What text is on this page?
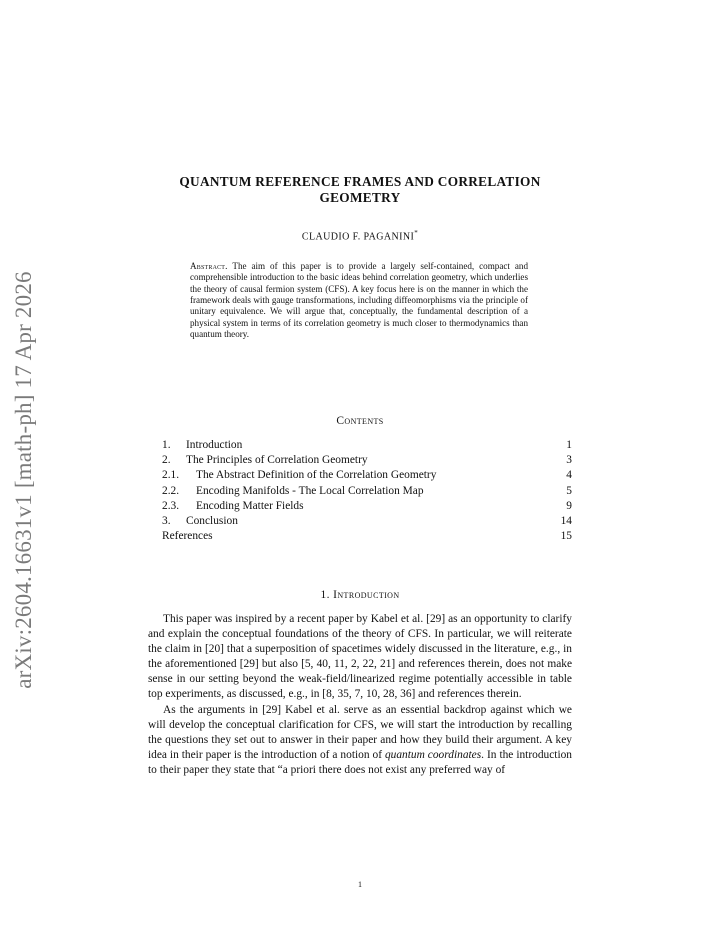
arXiv:2604.16631v1 [math-ph] 17 Apr 2026
QUANTUM REFERENCE FRAMES AND CORRELATION
GEOMETRY
CLAUDIO F. PAGANINI*
Abstract. The aim of this paper is to provide a largely self-contained, compact and comprehensible introduction to the basic ideas behind correlation geometry, which underlies the theory of causal fermion system (CFS). A key focus here is on the manner in which the framework deals with gauge transformations, including diffeomorphisms via the principle of unitary equivalence. We will argue that, conceptually, the fundamental description of a physical system in terms of its correlation geometry is much closer to thermodynamics than quantum theory.
Contents
1. Introduction	1
2. The Principles of Correlation Geometry	3
2.1. The Abstract Definition of the Correlation Geometry	4
2.2. Encoding Manifolds - The Local Correlation Map	5
2.3. Encoding Matter Fields	9
3. Conclusion	14
References	15
1. Introduction

This paper was inspired by a recent paper by Kabel et al. [29] as an opportunity to clarify and explain the conceptual foundations of the theory of CFS. In particular, we will reiterate the claim in [20] that a superposition of spacetimes widely discussed in the literature, e.g., in the aforementioned [29] but also [5, 40, 11, 2, 22, 21] and references therein, does not make sense in our setting beyond the weak-field/linearized regime potentially accessible in table top experiments, as discussed, e.g., in [8, 35, 7, 10, 28, 36] and references therein.

As the arguments in [29] Kabel et al. serve as an essential backdrop against which we will develop the conceptual clarification for CFS, we will start the introduction by recalling the questions they set out to answer in their paper and how they build their argument. A key idea in their paper is the introduction of a notion of quantum coordinates. In the introduction to their paper they state that “a priori there does not exist any preferred way of

1
